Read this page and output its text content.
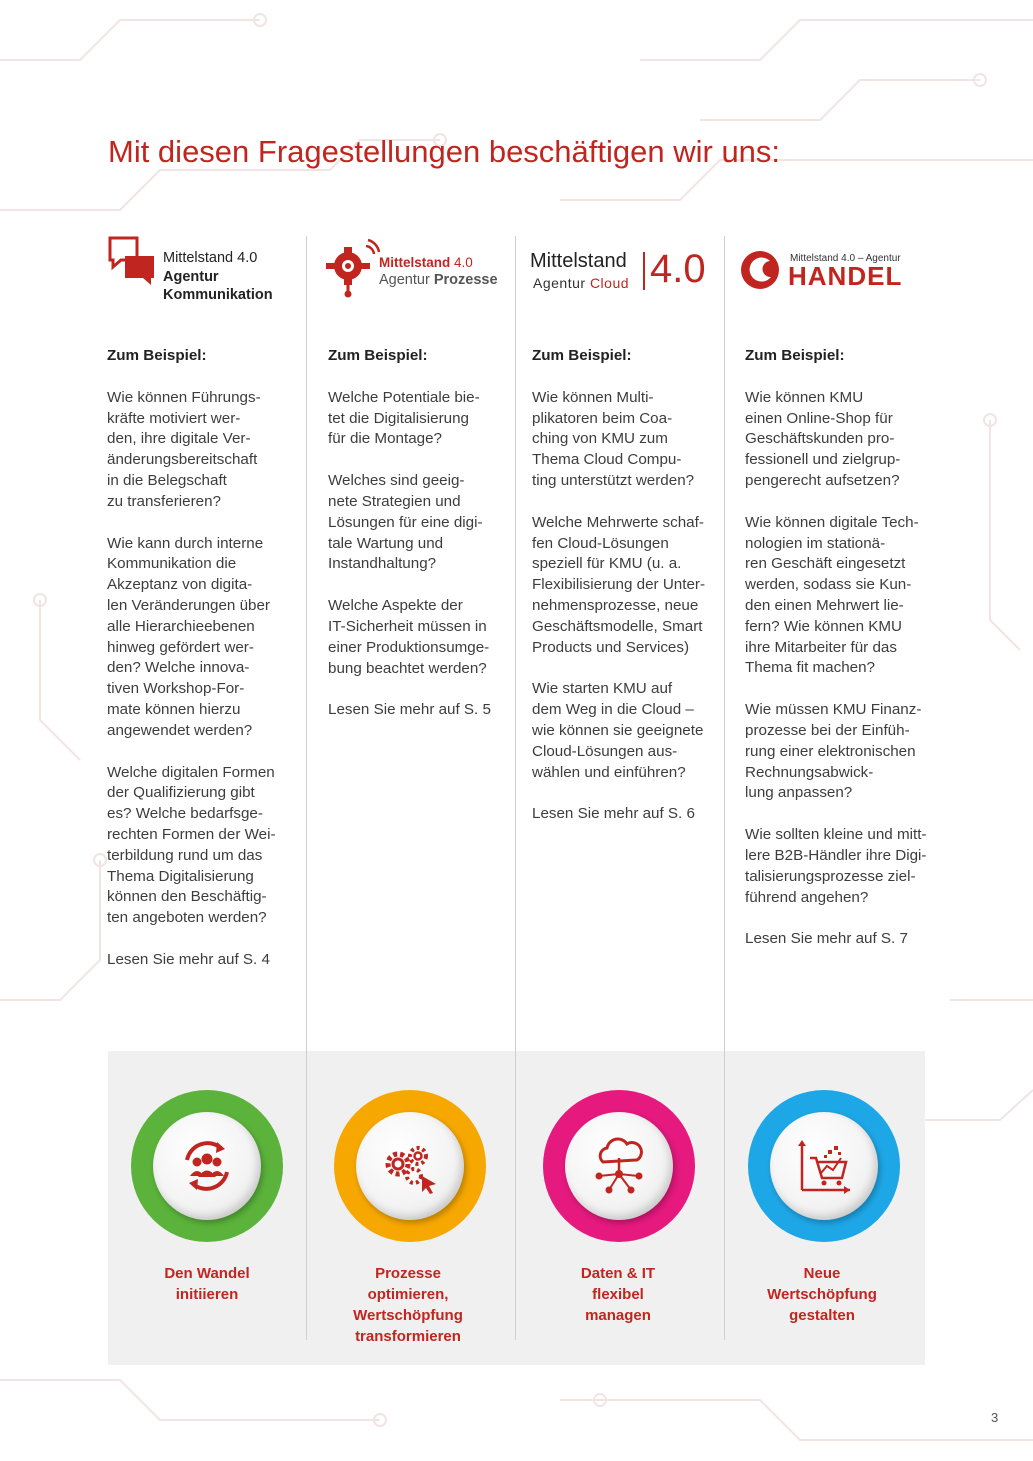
Mit diesen Fragestellungen beschäftigen wir uns:
Mittelstand 4.0
Agentur
Kommunikation
Mittelstand 4.0
Agentur Prozesse
Mittelstand
Agentur Cloud 4.0	Mittelstand 4.0 – Agentur
HANDEL

Zum Beispiel:

Wie können Führungs-
kräfte motiviert wer-
den, ihre digitale Ver-
änderungsbereitschaft
in die Belegschaft
zu transferieren?

Wie kann durch interne
Kommunikation die
Akzeptanz von digita-
len Veränderungen über
alle Hierarchieebenen
hinweg gefördert wer-
den? Welche innova-
tiven Workshop-For-
mate können hierzu
angewendet werden?

Welche digitalen Formen
der Qualifizierung gibt
es? Welche bedarfsge-
rechten Formen der Wei-
terbildung rund um das
Thema Digitalisierung
können den Beschäftig-
ten angeboten werden?

Lesen Sie mehr auf S. 4

Zum Beispiel:

Welche Potentiale bie-
tet die Digitalisierung
für die Montage?

Welches sind geeig-
nete Strategien und
Lösungen für eine digi-
tale Wartung und
Instandhaltung?

Welche Aspekte der
IT-Sicherheit müssen in
einer Produktionsumge-
bung beachtet werden?

Lesen Sie mehr auf S. 5

Zum Beispiel:

Wie können Multi-
plikatoren beim Coa-
ching von KMU zum
Thema Cloud Compu-
ting unterstützt werden?

Welche Mehrwerte schaf-
fen Cloud-Lösungen
speziell für KMU (u. a.
Flexibilisierung der Unter-
nehmensprozesse, neue
Geschäftsmodelle, Smart
Products und Services)

Wie starten KMU auf
dem Weg in die Cloud –
wie können sie geeignete
Cloud-Lösungen aus-
wählen und einführen?

Lesen Sie mehr auf S. 6

Zum Beispiel:

Wie können KMU
einen Online-Shop für
Geschäftskunden pro-
fessionell und zielgrup-
pengerecht aufsetzen?

Wie können digitale Tech-
nologien im stationä-
ren Geschäft eingesetzt
werden, sodass sie Kun-
den einen Mehrwert lie-
fern? Wie können KMU
ihre Mitarbeiter für das
Thema fit machen?

Wie müssen KMU Finanz-
prozesse bei der Einfüh-
rung einer elektronischen
Rechnungsabwick-
lung anpassen?

Wie sollten kleine und mitt-
lere B2B-Händler ihre Digi-
talisierungsprozesse ziel-
führend angehen?

Lesen Sie mehr auf S. 7

Den Wandel
initiieren
Prozesse
optimieren,
Wertschöpfung
transformieren
Daten & IT
flexibel
managen
Neue
Wertschöpfung
gestalten
3
